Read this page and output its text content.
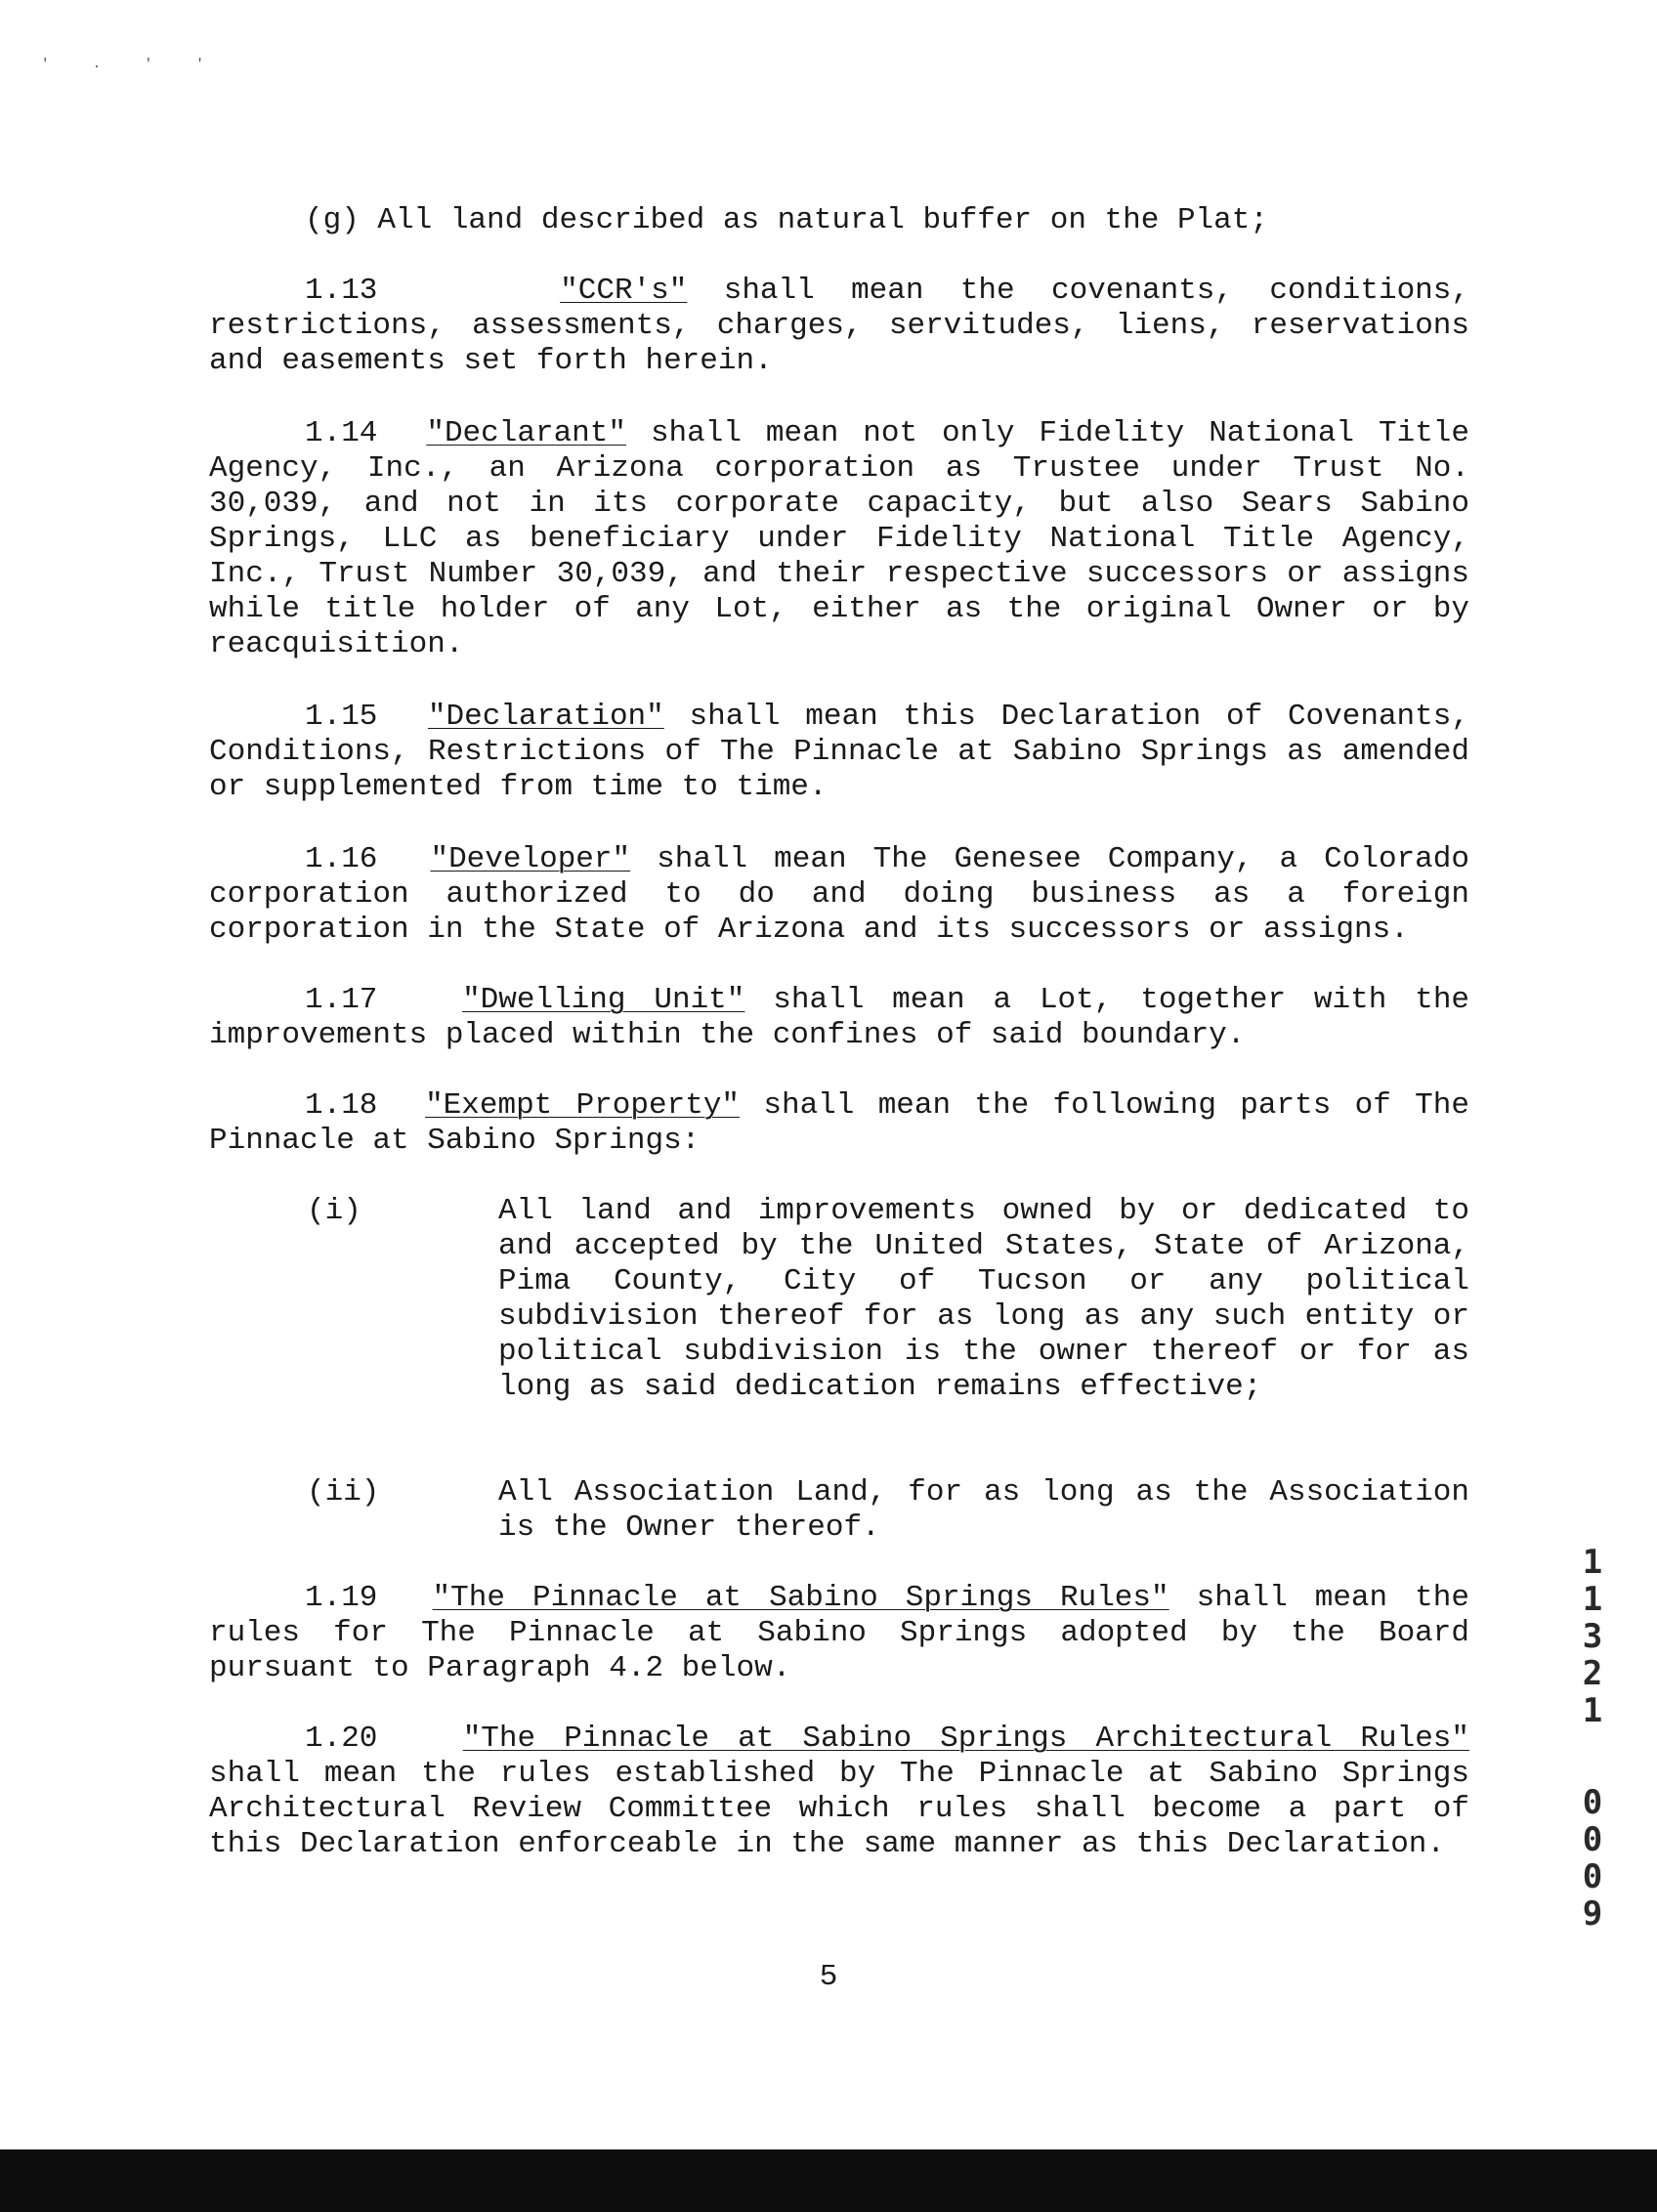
' . ' '
(g) All land described as natural buffer on the Plat;
1.13	"CCR's" shall mean the covenants, conditions, restrictions, assessments, charges, servitudes, liens, reservations and easements set forth herein.
1.14 "Declarant" shall mean not only Fidelity National Title Agency, Inc., an Arizona corporation as Trustee under Trust No. 30,039, and not in its corporate capacity, but also Sears Sabino Springs, LLC as beneficiary under Fidelity National Title Agency, Inc., Trust Number 30,039, and their respective successors or assigns while title holder of any Lot, either as the original Owner or by reacquisition.
1.15 "Declaration" shall mean this Declaration of Covenants, Conditions, Restrictions of The Pinnacle at Sabino Springs as amended or supplemented from time to time.
1.16 "Developer" shall mean The Genesee Company, a Colorado corporation authorized to do and doing business as a foreign corporation in the State of Arizona and its successors or assigns.
1.17	"Dwelling Unit" shall mean a Lot, together with the improvements placed within the confines of said boundary.
1.18 "Exempt Property" shall mean the following parts of The Pinnacle at Sabino Springs:
(i)	All land and improvements owned by or dedicated to and accepted by the United States, State of Arizona, Pima County, City of Tucson or any political subdivision thereof for as long as any such entity or political subdivision is the owner thereof or for as long as said dedication remains effective;
(ii)	All Association Land, for as long as the Association is the Owner thereof.
1.19 "The Pinnacle at Sabino Springs Rules" shall mean the rules for The Pinnacle at Sabino Springs adopted by the Board pursuant to Paragraph 4.2 below.
1.20	"The Pinnacle at Sabino Springs Architectural Rules" shall mean the rules established by The Pinnacle at Sabino Springs Architectural Review Committee which rules shall become a part of this Declaration enforceable in the same manner as this Declaration.
1
1
3
2
1
0
0
0
9
5
